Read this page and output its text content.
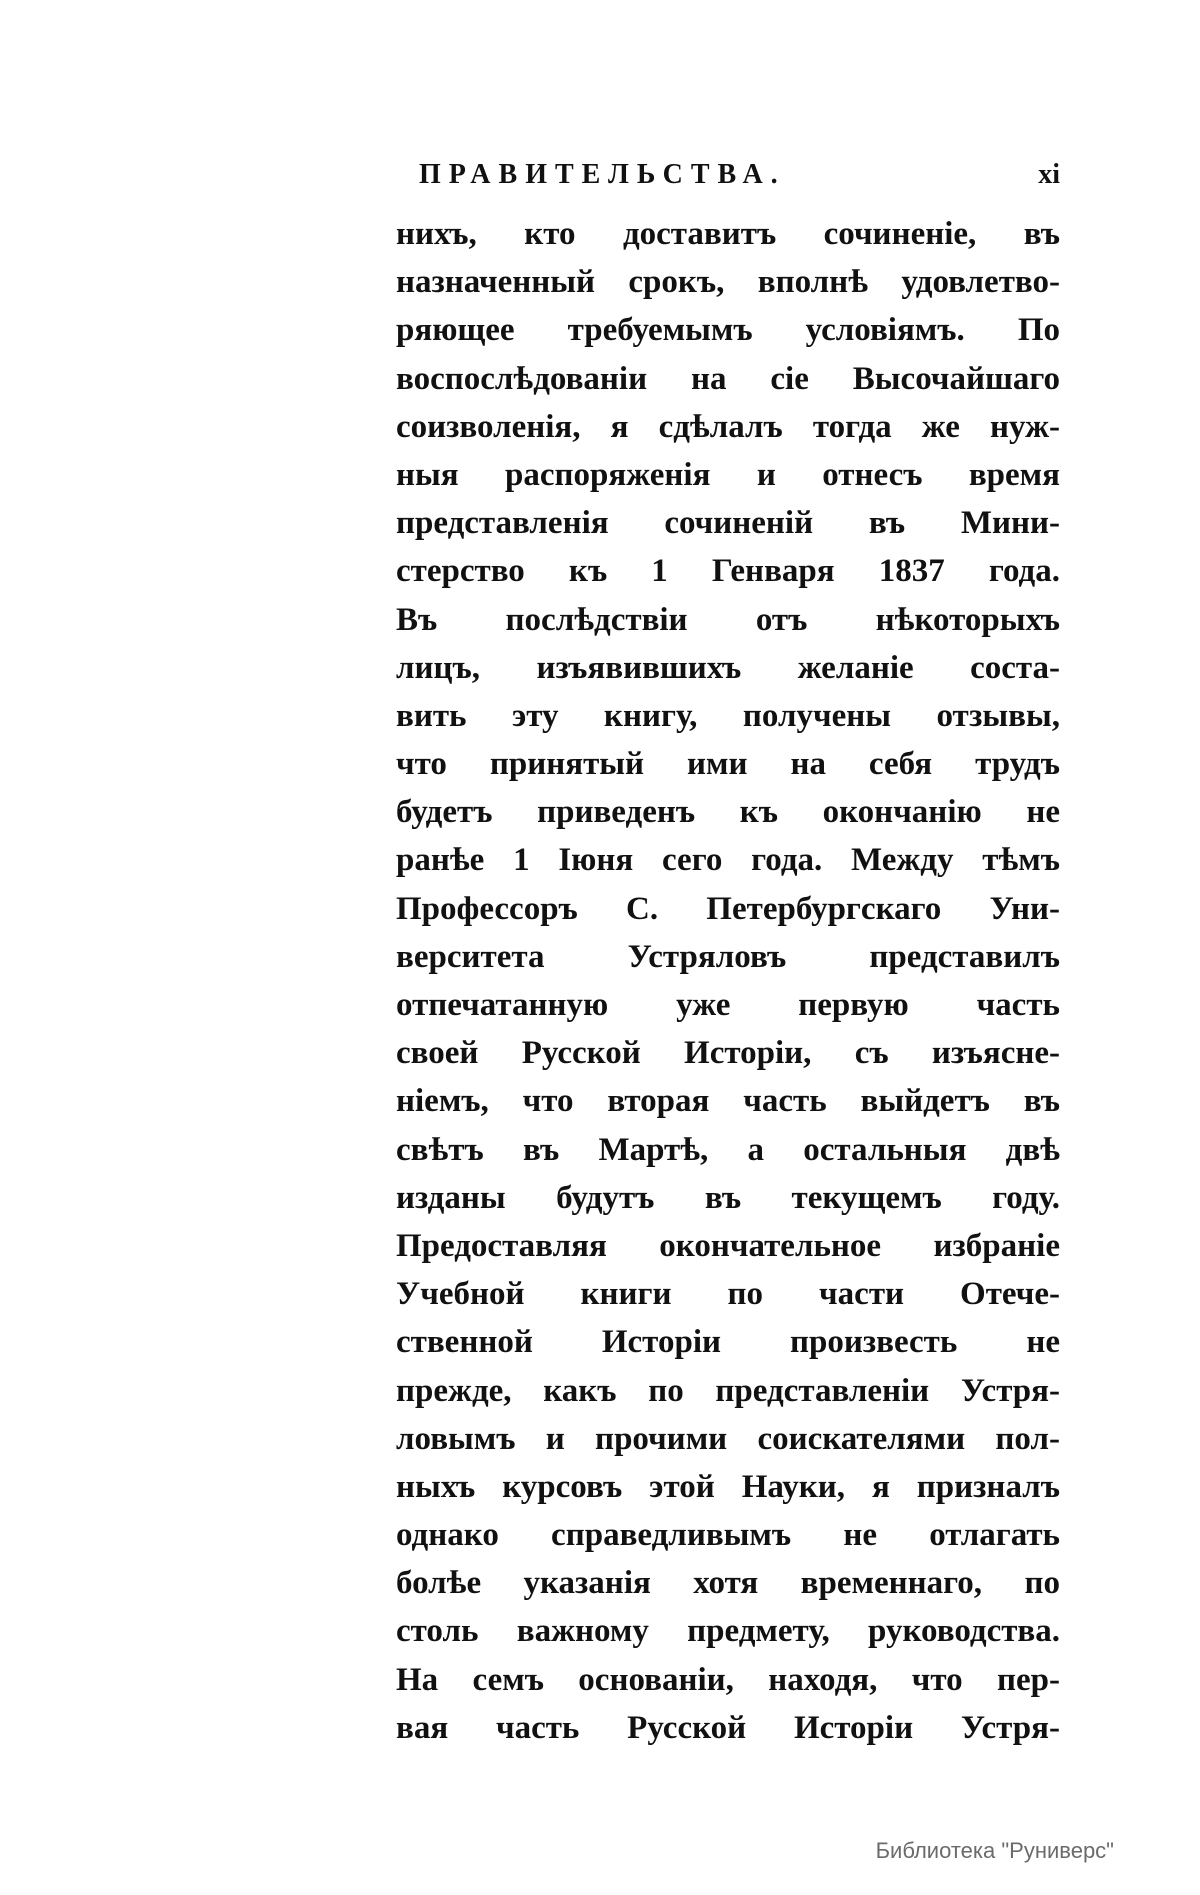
ПРАВИТЕЛЬСТВА.	xi
нихъ, кто доставитъ сочиненіе, въ
назначенный срокъ, вполнѣ удовлетво-
ряющее требуемымъ условіямъ. По
воспослѣдованіи на сіе Высочайшаго
соизволенія, я сдѣлалъ тогда же нуж-
ныя распоряженія и отнесъ время
представленія сочиненій въ Мини-
стерство къ 1 Генваря 1837 года.
Въ послѣдствіи отъ нѣкоторыхъ
лицъ, изъявившихъ желаніе соста-
вить эту книгу, получены отзывы,
что принятый ими на себя трудъ
будетъ приведенъ къ окончанію не
ранѣе 1 Іюня сего года. Между тѣмъ
Профессоръ С. Петербургскаго Уни-
верситета Устряловъ представилъ
отпечатанную уже первую часть
своей Русской Исторіи, съ изъясне-
ніемъ, что вторая часть выйдетъ въ
свѣтъ въ Мартѣ, а остальныя двѣ
изданы будутъ въ текущемъ году.
Предоставляя окончательное избраніе
Учебной книги по части Отече-
ственной Исторіи произвесть не
прежде, какъ по представленіи Устря-
ловымъ и прочими соискателями пол-
ныхъ курсовъ этой Науки, я призналъ
однако справедливымъ не отлагать
болѣе указанія хотя временнаго, по
столь важному предмету, руководства.
На семъ основаніи, находя, что пер-
вая часть Русской Исторіи Устря-
Библиотека "Руниверс"
